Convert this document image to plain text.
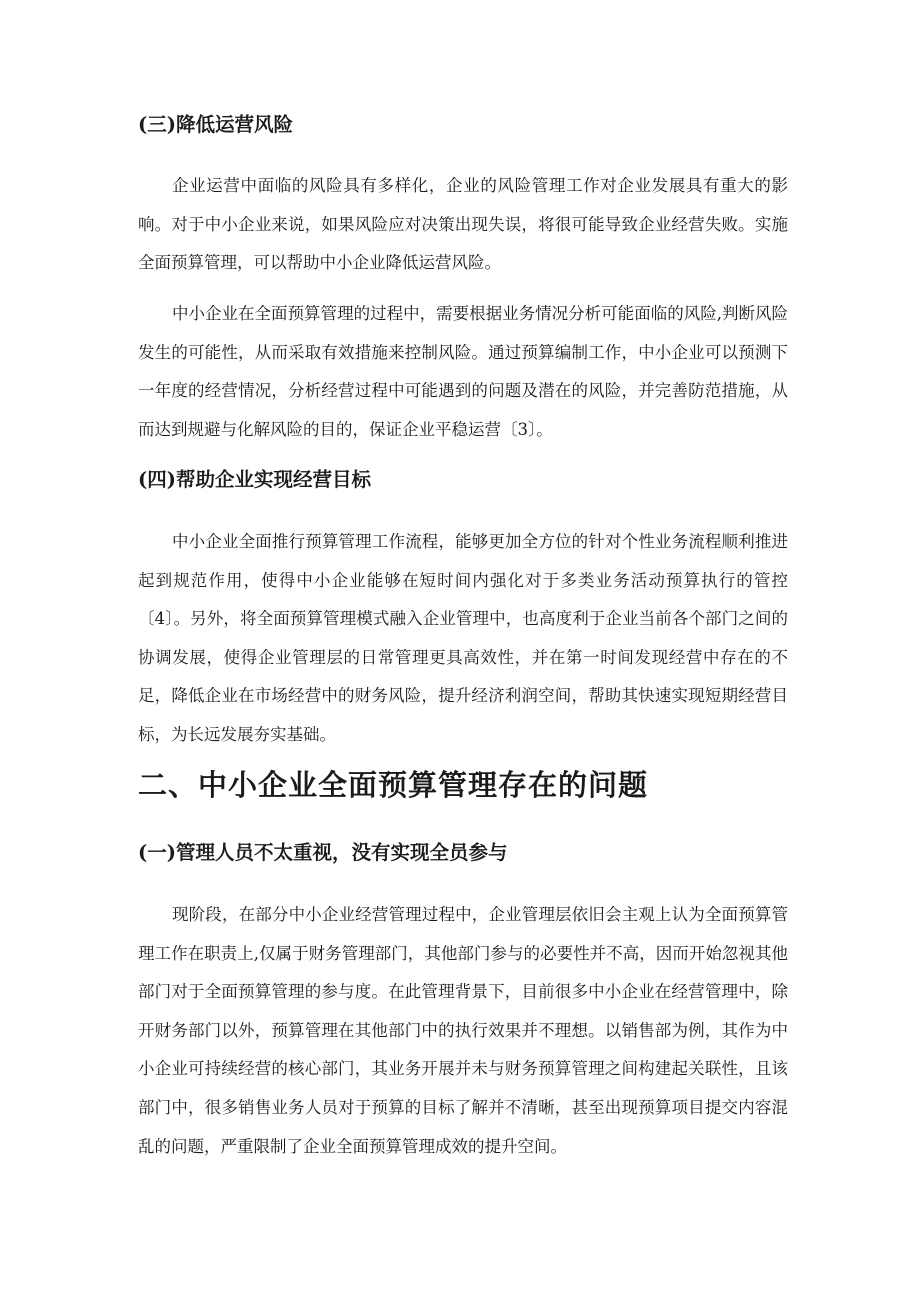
(三)降低运营风险

企业运营中面临的风险具有多样化，企业的风险管理工作对企业发展具有重大的影响。对于中小企业来说，如果风险应对决策出现失误，将很可能导致企业经营失败。实施全面预算管理，可以帮助中小企业降低运营风险。

中小企业在全面预算管理的过程中，需要根据业务情况分析可能面临的风险,判断风险发生的可能性，从而采取有效措施来控制风险。通过预算编制工作，中小企业可以预测下一年度的经营情况，分析经营过程中可能遇到的问题及潜在的风险，并完善防范措施，从而达到规避与化解风险的目的，保证企业平稳运营〔3〕。

(四)帮助企业实现经营目标

中小企业全面推行预算管理工作流程，能够更加全方位的针对个性业务流程顺利推进起到规范作用，使得中小企业能够在短时间内强化对于多类业务活动预算执行的管控〔4〕。另外，将全面预算管理模式融入企业管理中，也高度利于企业当前各个部门之间的协调发展，使得企业管理层的日常管理更具高效性，并在第一时间发现经营中存在的不足，降低企业在市场经营中的财务风险，提升经济利润空间，帮助其快速实现短期经营目标，为长远发展夯实基础。

二、中小企业全面预算管理存在的问题
(一)管理人员不太重视，没有实现全员参与

现阶段，在部分中小企业经营管理过程中，企业管理层依旧会主观上认为全面预算管理工作在职责上,仅属于财务管理部门，其他部门参与的必要性并不高，因而开始忽视其他部门对于全面预算管理的参与度。在此管理背景下，目前很多中小企业在经营管理中，除开财务部门以外，预算管理在其他部门中的执行效果并不理想。以销售部为例，其作为中小企业可持续经营的核心部门，其业务开展并未与财务预算管理之间构建起关联性，且该部门中，很多销售业务人员对于预算的目标了解并不清晰，甚至出现预算项目提交内容混乱的问题，严重限制了企业全面预算管理成效的提升空间。
